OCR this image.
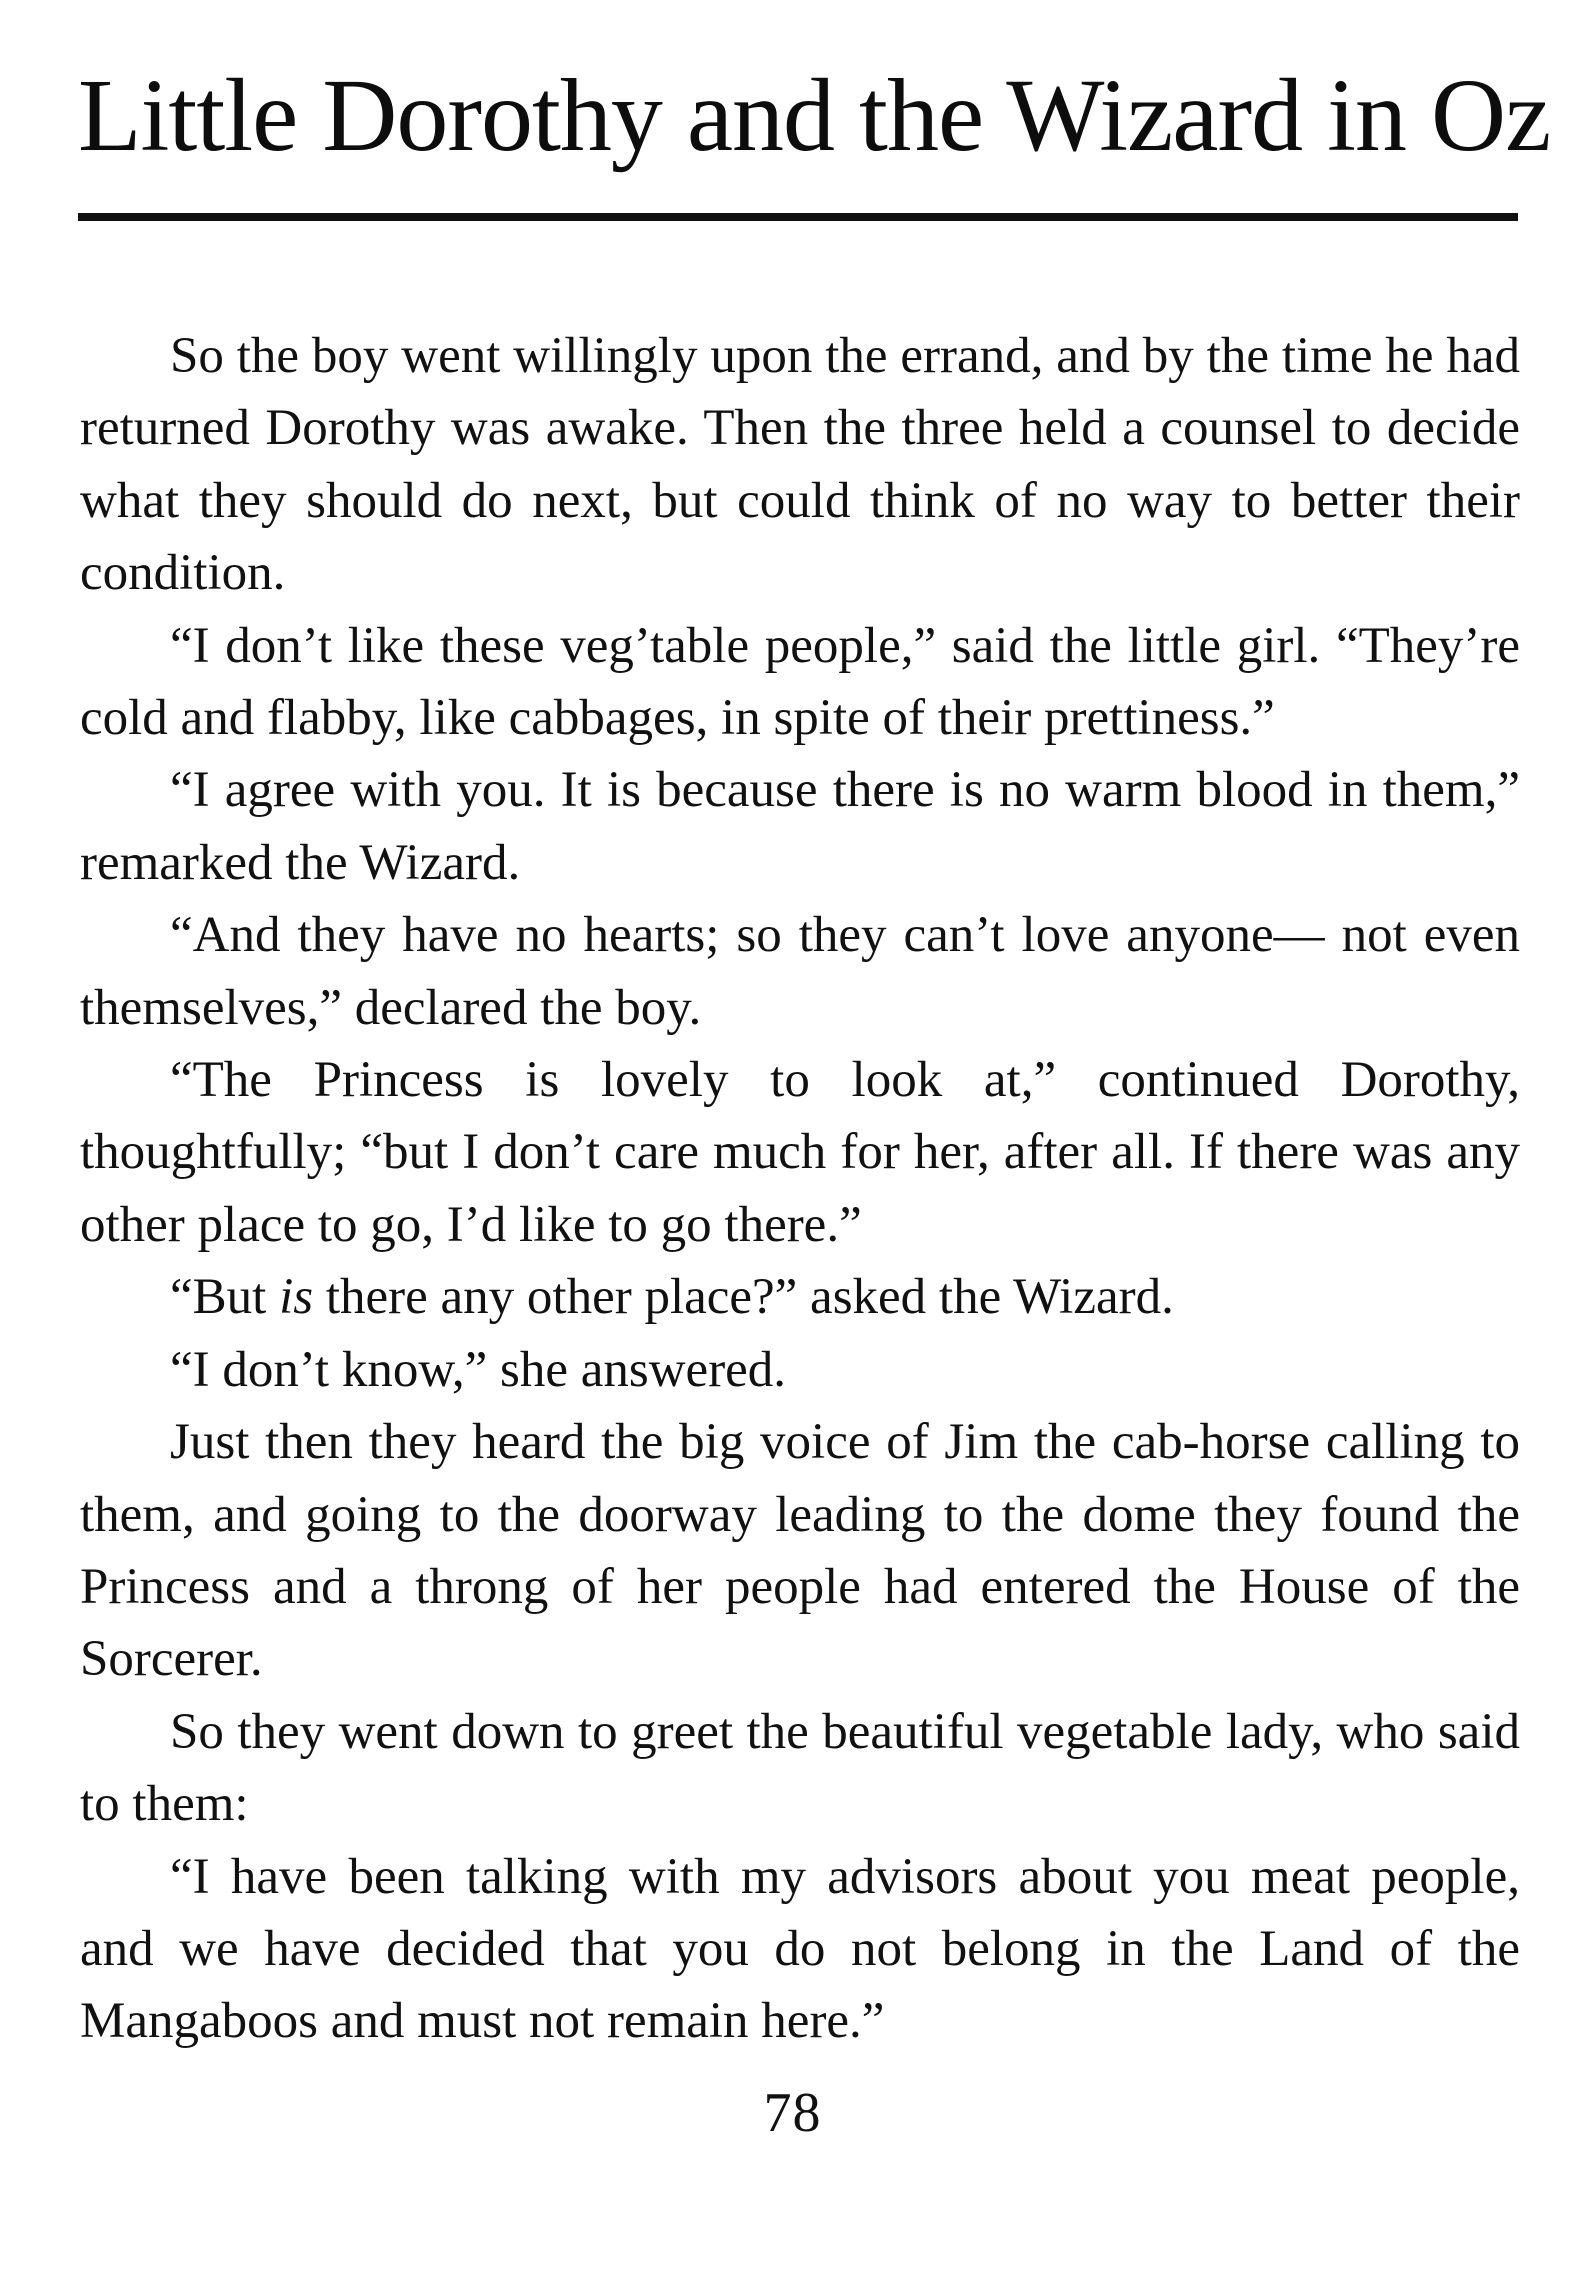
Little Dorothy and the Wizard in Oz

So the boy went willingly upon the errand, and by the time he had returned Dorothy was awake. Then the three held a counsel to decide what they should do next, but could think of no way to better their condition.

“I don’t like these veg’table people,” said the little girl. “They’re cold and flabby, like cabbages, in spite of their prettiness.”

“I agree with you. It is because there is no warm blood in them,” remarked the Wizard.

“And they have no hearts; so they can’t love anyone— not even themselves,” declared the boy.

“The Princess is lovely to look at,” continued Dorothy, thoughtfully; “but I don’t care much for her, after all. If there was any other place to go, I’d like to go there.”

“But is there any other place?” asked the Wizard.

“I don’t know,” she answered.

Just then they heard the big voice of Jim the cab-horse calling to them, and going to the doorway leading to the dome they found the Princess and a throng of her people had entered the House of the Sorcerer.

So they went down to greet the beautiful vegetable lady, who said to them:

“I have been talking with my advisors about you meat people, and we have decided that you do not belong in the Land of the Mangaboos and must not remain here.”

78
